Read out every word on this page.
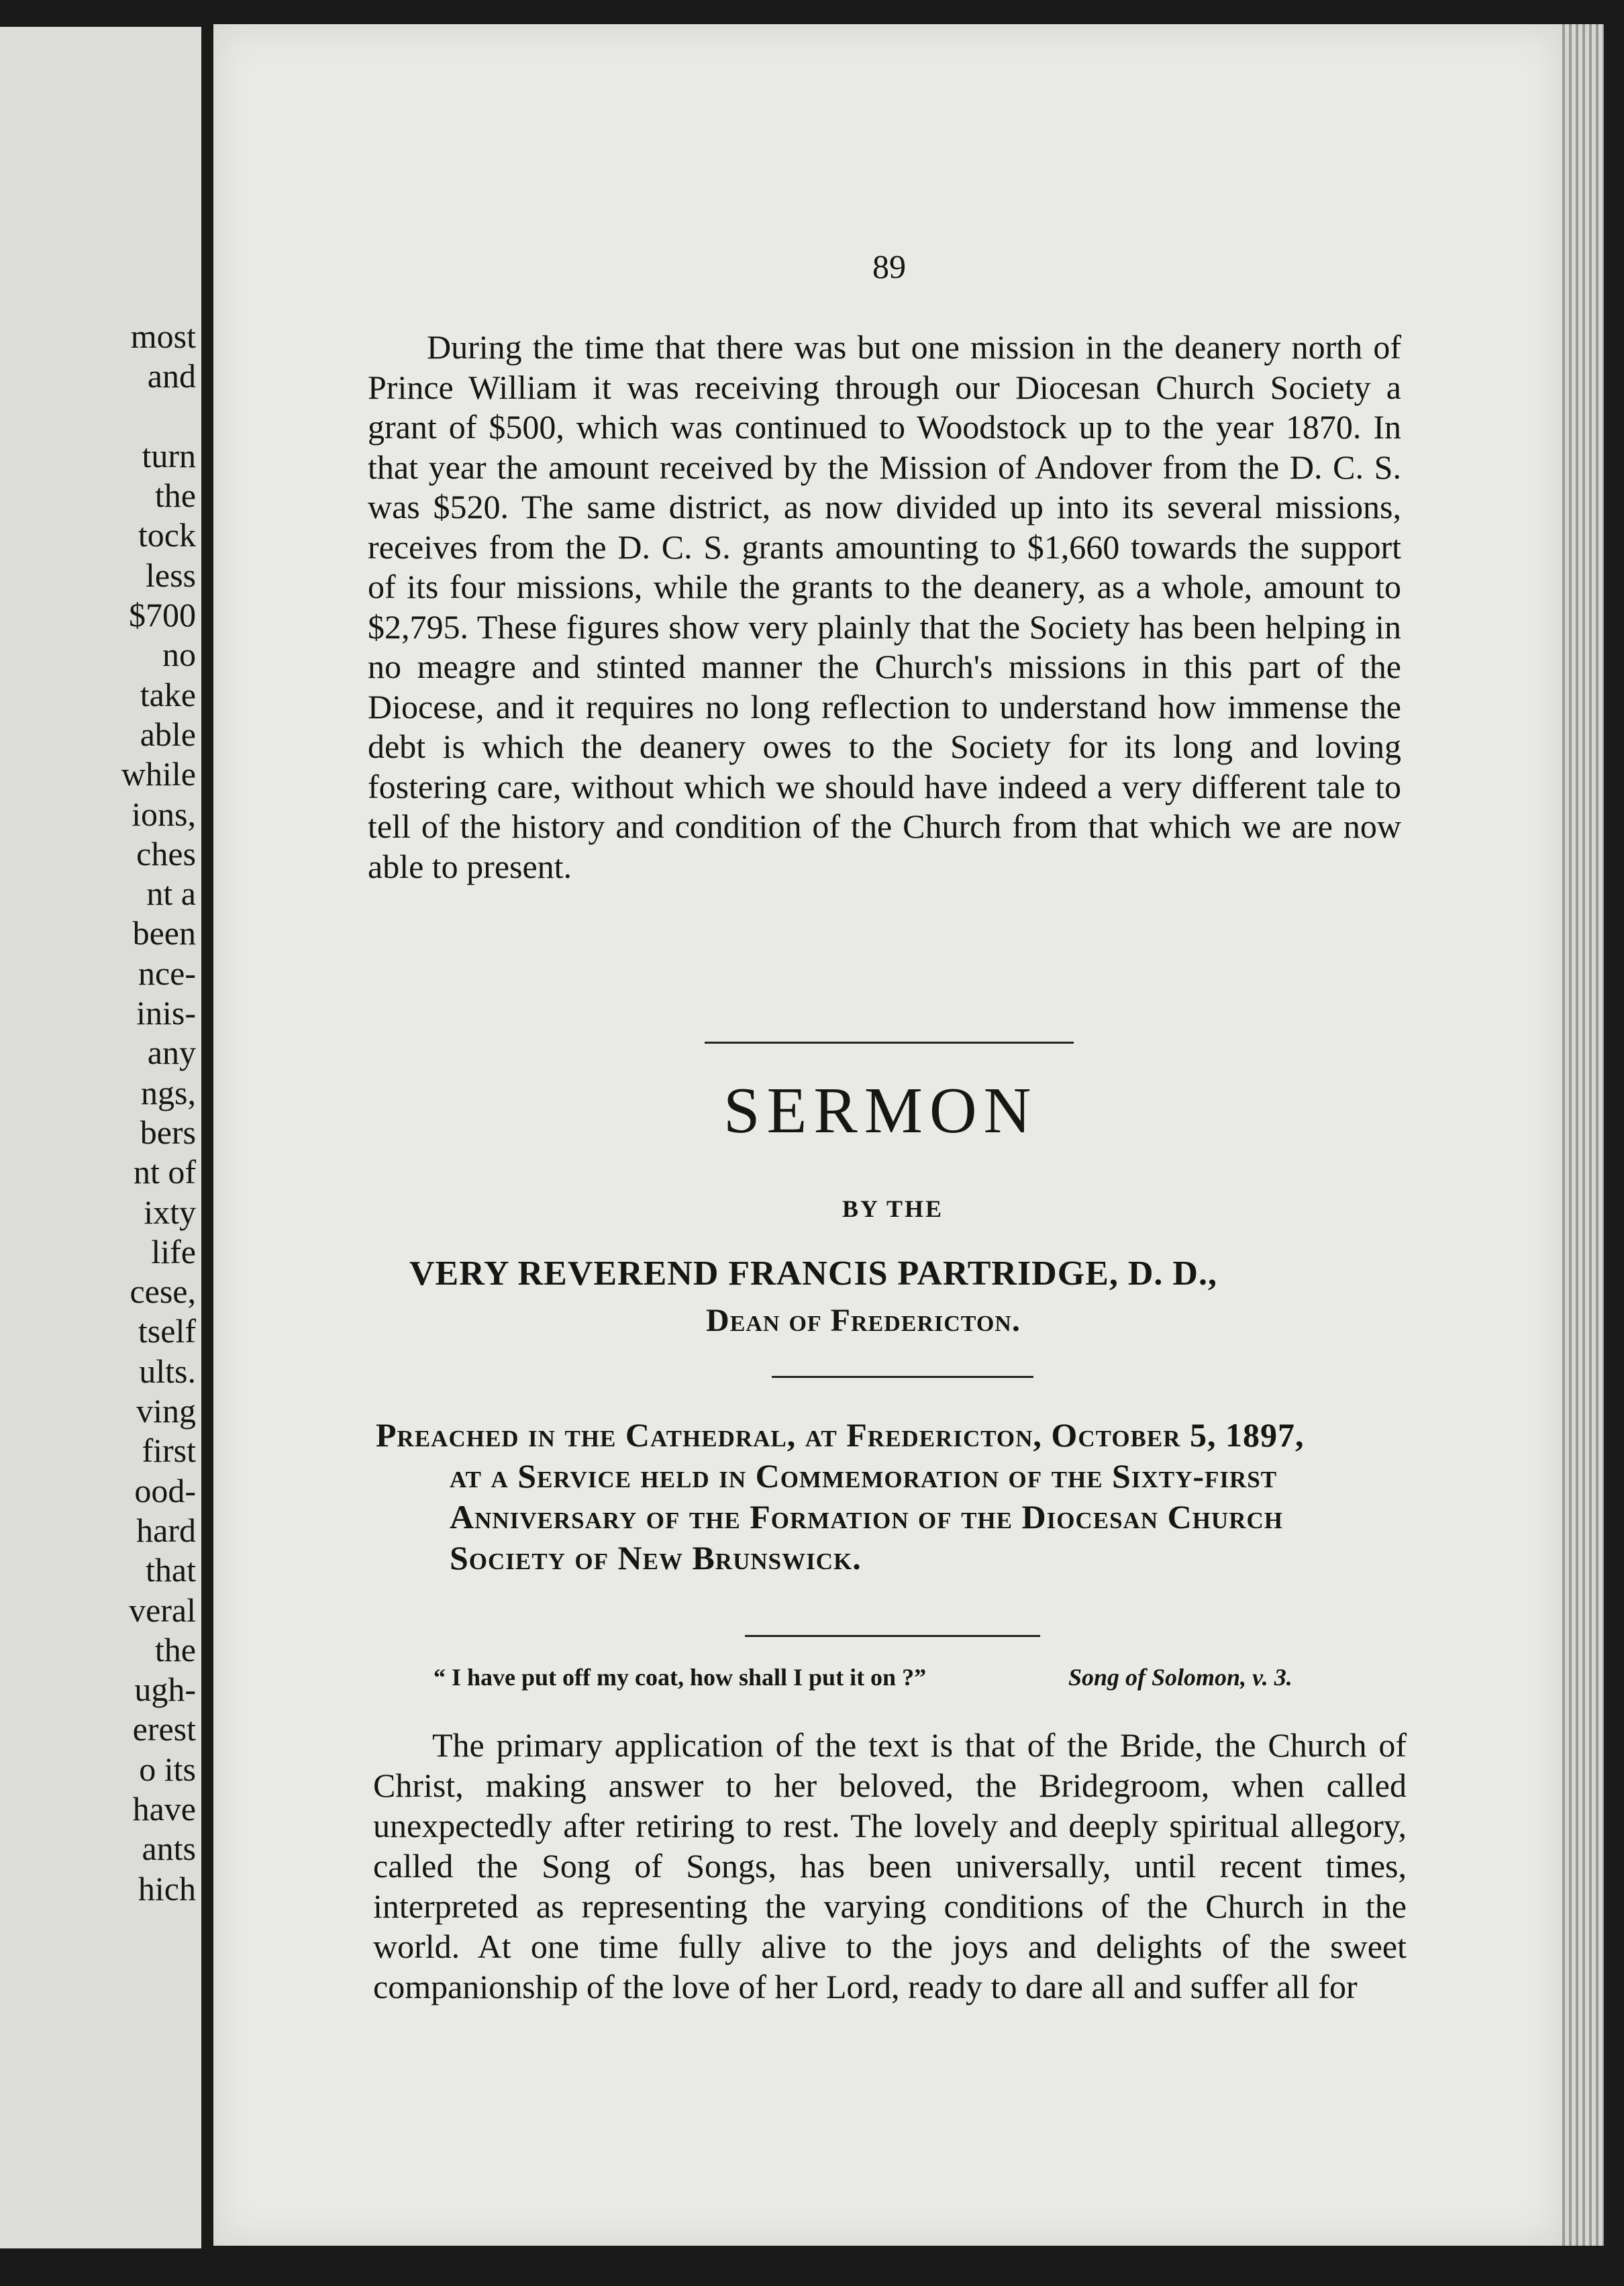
most
and

turn
the
tock
less
$700
no
take
able
while
ions,
ches
nt a
been
nce-
inis-
any
ngs,
bers
nt of
ixty
life
cese,
tself
ults.
ving
first
ood-
hard
that
veral
the
ugh-
erest
o its
have
ants
hich
89

During the time that there was but one mission in the deanery north of Prince William it was receiving through our Diocesan Church Society a grant of $500, which was continued to Woodstock up to the year 1870. In that year the amount received by the Mission of Andover from the D. C. S. was $520. The same district, as now divided up into its several missions, receives from the D. C. S. grants amounting to $1,660 towards the support of its four missions, while the grants to the deanery, as a whole, amount to $2,795. These figures show very plainly that the Society has been helping in no meagre and stinted manner the Church's missions in this part of the Diocese, and it requires no long reflection to understand how immense the debt is which the deanery owes to the Society for its long and loving fostering care, without which we should have indeed a very different tale to tell of the history and condition of the Church from that which we are now able to present.

SERMON
BY THE
VERY REVEREND FRANCIS PARTRIDGE, D. D.,
Dean of Fredericton.

Preached in the Cathedral, at Fredericton, October 5, 1897,
at a Service held in Commemoration of the Sixty-first
Anniversary of the Formation of the Diocesan Church
Society of New Brunswick.

“ I have put off my coat, how shall I put it on ?”	Song of Solomon, v. 3.

The primary application of the text is that of the Bride, the Church of Christ, making answer to her beloved, the Bridegroom, when called unexpectedly after retiring to rest. The lovely and deeply spiritual allegory, called the Song of Songs, has been universally, until recent times, interpreted as representing the varying conditions of the Church in the world. At one time fully alive to the joys and delights of the sweet companionship of the love of her Lord, ready to dare all and suffer all for
